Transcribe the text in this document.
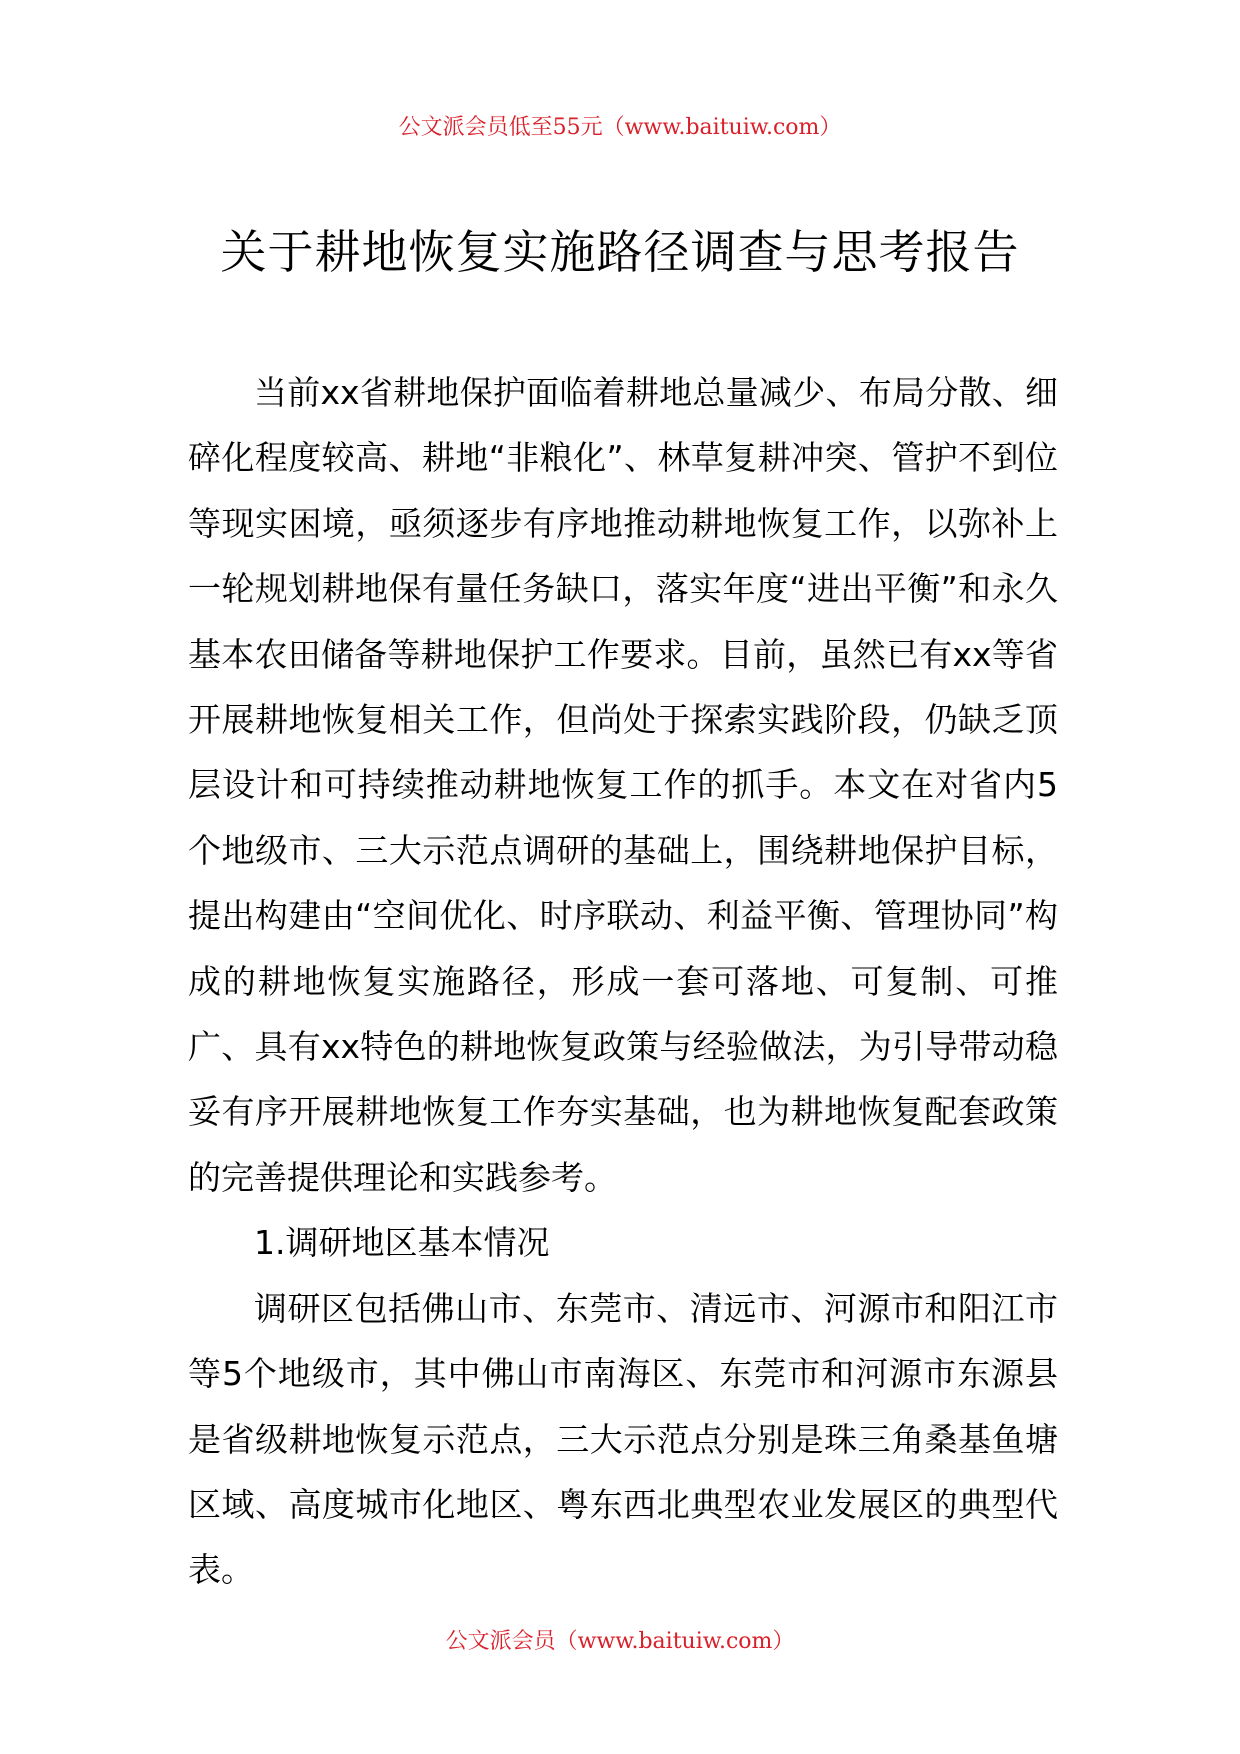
公文派会员低至55元（www.baituiw.com）
关于耕地恢复实施路径调查与思考报告

当前xx省耕地保护面临着耕地总量减少、布局分散、细碎化程度较高、耕地“非粮化”、林草复耕冲突、管护不到位等现实困境，亟须逐步有序地推动耕地恢复工作，以弥补上一轮规划耕地保有量任务缺口，落实年度“进出平衡”和永久基本农田储备等耕地保护工作要求。目前，虽然已有xx等省开展耕地恢复相关工作，但尚处于探索实践阶段，仍缺乏顶层设计和可持续推动耕地恢复工作的抓手。本文在对省内5个地级市、三大示范点调研的基础上，围绕耕地保护目标，提出构建由“空间优化、时序联动、利益平衡、管理协同”构成的耕地恢复实施路径，形成一套可落地、可复制、可推广、具有xx特色的耕地恢复政策与经验做法，为引导带动稳妥有序开展耕地恢复工作夯实基础，也为耕地恢复配套政策的完善提供理论和实践参考。

1.调研地区基本情况

调研区包括佛山市、东莞市、清远市、河源市和阳江市等5个地级市，其中佛山市南海区、东莞市和河源市东源县是省级耕地恢复示范点，三大示范点分别是珠三角桑基鱼塘区域、高度城市化地区、粤东西北典型农业发展区的典型代表。

公文派会员（www.baituiw.com）
